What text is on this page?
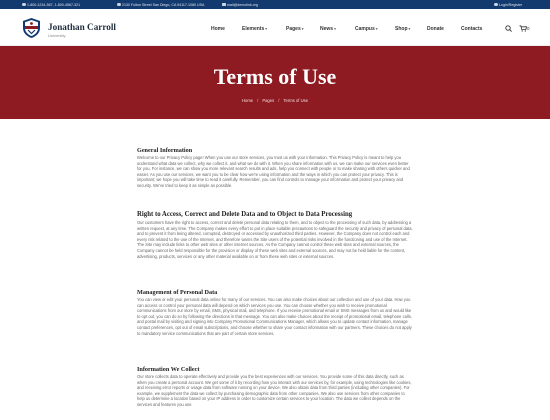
1-800-1234-567, 1-800-4567-321	2130 Fulton Street San Diego, CA 94117-1080 USA	mail@demolink.org	Login/Register
Jonathan Carroll
University
Home	Elements▾	Pages▾	News▾	Campus▾	Shop▾	Donate	Contacts	0
Terms of Use
Home / Pages / Terms of Use
General Information
Welcome to our Privacy Policy page! When you use our store services, you trust us with your information. This Privacy Policy is meant to help you understand what data we collect, why we collect it, and what we do with it. When you share information with us, we can make our services even better for you. For instance, we can show you more relevant search results and ads, help you connect with people or to make sharing with others quicker and easier. As you use our services, we want you to be clear how we're using information and the ways in which you can protect your privacy. This is important; we hope you will take time to read it carefully. Remember, you can find controls to manage your information and protect your privacy and security. We've tried to keep it as simple as possible.
Right to Access, Correct and Delete Data and to Object to Data Processing
Our customers have the right to access, correct and delete personal data relating to them, and to object to the processing of such data, by addressing a written request, at any time. The Company makes every effort to put in place suitable precautions to safeguard the security and privacy of personal data, and to prevent it from being altered, corrupted, destroyed or accessed by unauthorized third parties. However, the Company does not control each and every risk related to the use of the Internet, and therefore warns the Site users of the potential risks involved in the functioning and use of the Internet. The Site may include links to other web sites or other internet sources. As the Company cannot control these web sites and external sources, the Company cannot be held responsible for the provision or display of these web sites and external sources, and may not be held liable for the content, advertising, products, services or any other material available on or from these web sites or external sources.
Management of Personal Data
You can view or edit your personal data online for many of our services. You can also make choices about our collection and use of your data. How you can access or control your personal data will depend on which services you use. You can choose whether you wish to receive promotional communications from our store by email, SMS, physical mail, and telephone. If you receive promotional email or SMS messages from us and would like to opt out, you can do so by following the directions in that message. You can also make choices about the receipt of promotional email, telephone calls, and postal mail by visiting and signing into Company Promotional Communications Manager, which allows you to update contact information, manage contact preferences, opt out of email subscriptions, and choose whether to share your contact information with our partners. These choices do not apply to mandatory service communications that are part of certain store services.
Information We Collect
Our store collects data to operate effectively and provide you the best experiences with our services. You provide some of this data directly, such as when you create a personal account. We get some of it by recording how you interact with our services by, for example, using technologies like cookies, and receiving error reports or usage data from software running on your device. We also obtain data from third parties (including other companies). For example, we supplement the data we collect by purchasing demographic data from other companies. We also use services from other companies to help us determine a location based on your IP address in order to customize certain services to your location. The data we collect depends on the services and features you use.
